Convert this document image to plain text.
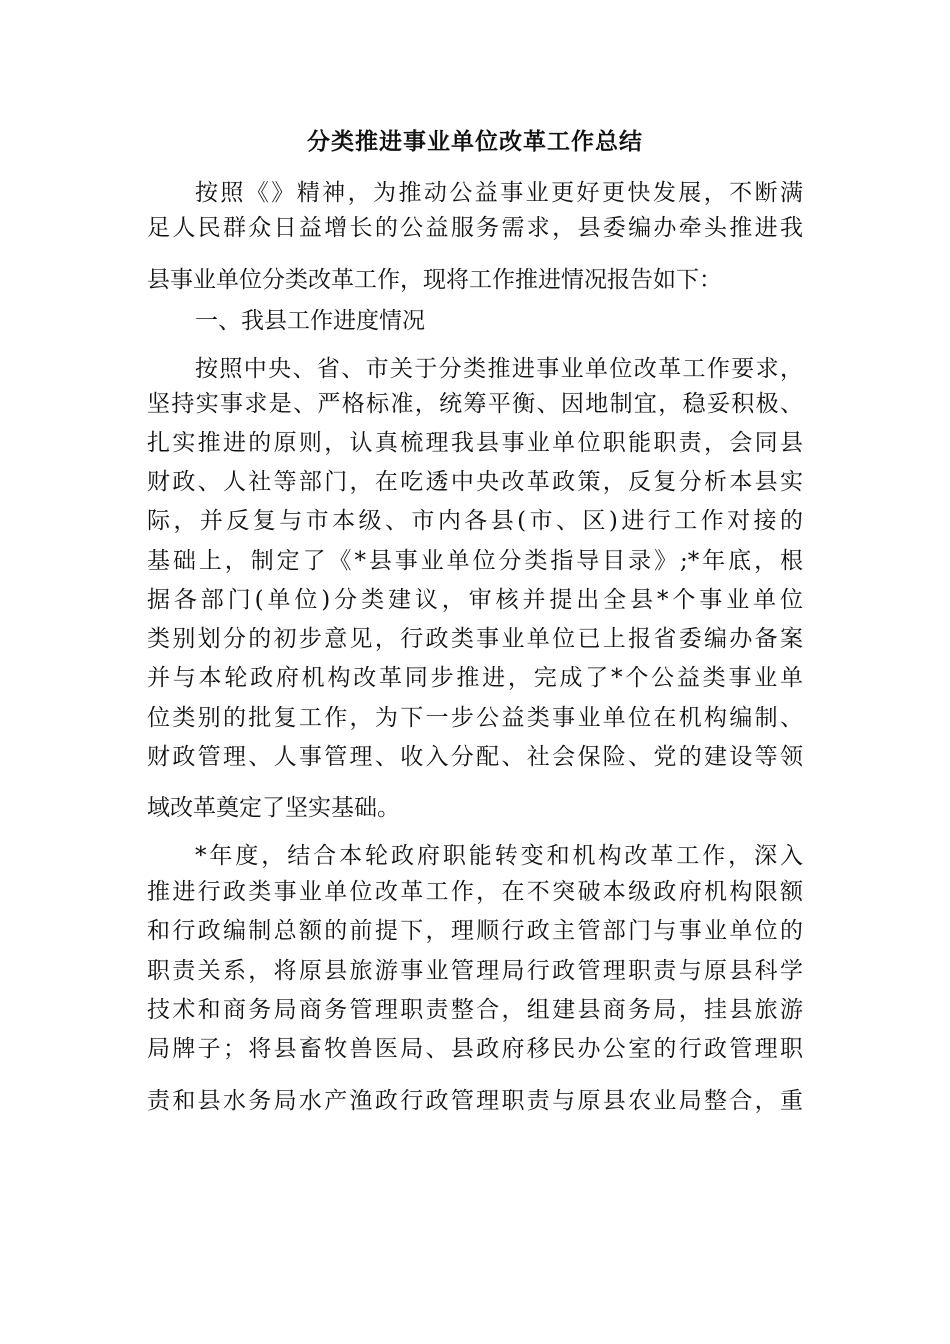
分类推进事业单位改革工作总结

按照《》精神，为推动公益事业更好更快发展，不断满

足人民群众日益增长的公益服务需求，县委编办牵头推进我

县事业单位分类改革工作，现将工作推进情况报告如下：

一、我县工作进度情况

按照中央、省、市关于分类推进事业单位改革工作要求，

坚持实事求是、严格标准，统筹平衡、因地制宜，稳妥积极、

扎实推进的原则，认真梳理我县事业单位职能职责，会同县

财政、人社等部门，在吃透中央改革政策，反复分析本县实

际，并反复与市本级、市内各县(市、区)进行工作对接的

基础上，制定了《*县事业单位分类指导目录》;*年底，根

据各部门(单位)分类建议，审核并提出全县*个事业单位

类别划分的初步意见，行政类事业单位已上报省委编办备案

并与本轮政府机构改革同步推进，完成了*个公益类事业单

位类别的批复工作，为下一步公益类事业单位在机构编制、

财政管理、人事管理、收入分配、社会保险、党的建设等领

域改革奠定了坚实基础。

*年度，结合本轮政府职能转变和机构改革工作，深入

推进行政类事业单位改革工作，在不突破本级政府机构限额

和行政编制总额的前提下，理顺行政主管部门与事业单位的

职责关系，将原县旅游事业管理局行政管理职责与原县科学

技术和商务局商务管理职责整合，组建县商务局，挂县旅游

局牌子；将县畜牧兽医局、县政府移民办公室的行政管理职

责和县水务局水产渔政行政管理职责与原县农业局整合，重
